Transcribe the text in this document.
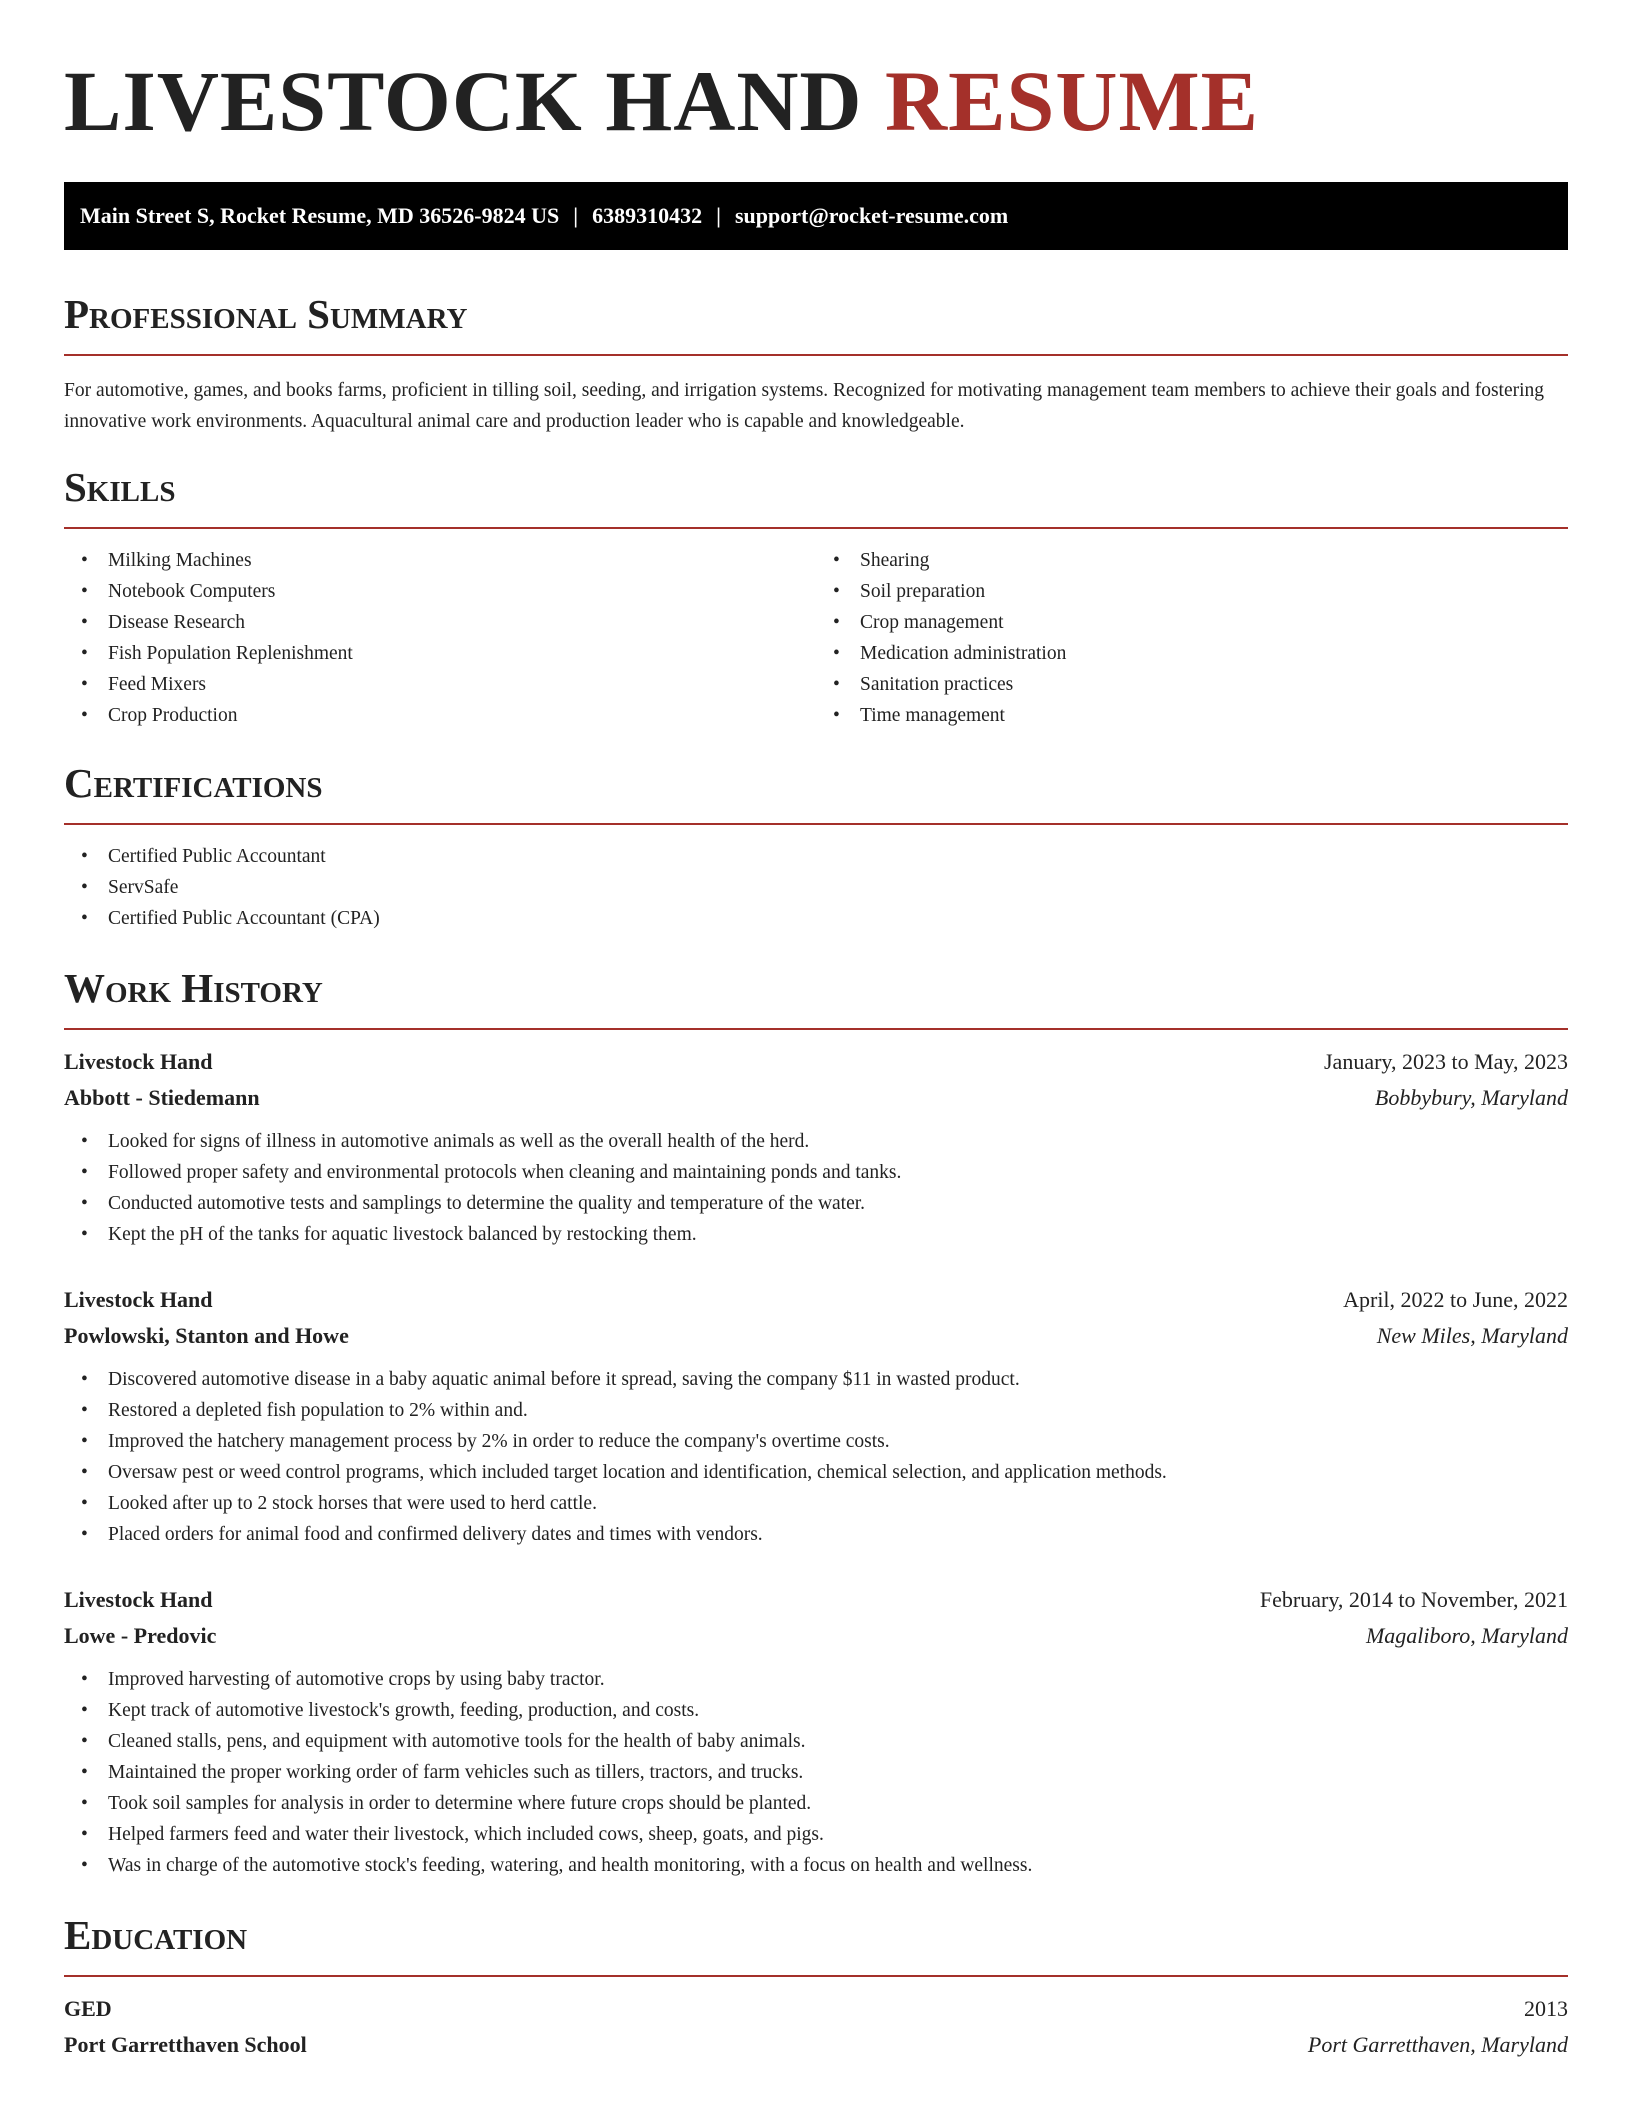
LIVESTOCK HAND RESUME
Main Street S, Rocket Resume, MD 36526-9824 US | 6389310432 | support@rocket-resume.com
Professional Summary

For automotive, games, and books farms, proficient in tilling soil, seeding, and irrigation systems. Recognized for motivating management team members to achieve their goals and fostering innovative work environments. Aquacultural animal care and production leader who is capable and knowledgeable.

Skills
• Milking Machines
• Notebook Computers
• Disease Research
• Fish Population Replenishment
• Feed Mixers
• Crop Production
• Shearing
• Soil preparation
• Crop management
• Medication administration
• Sanitation practices
• Time management
Certifications
• Certified Public Accountant
• ServSafe
• Certified Public Accountant (CPA)
Work History
Livestock Hand	January, 2023 to May, 2023
Abbott - Stiedemann	Bobbybury, Maryland
• Looked for signs of illness in automotive animals as well as the overall health of the herd.
• Followed proper safety and environmental protocols when cleaning and maintaining ponds and tanks.
• Conducted automotive tests and samplings to determine the quality and temperature of the water.
• Kept the pH of the tanks for aquatic livestock balanced by restocking them.
Livestock Hand	April, 2022 to June, 2022
Powlowski, Stanton and Howe	New Miles, Maryland
• Discovered automotive disease in a baby aquatic animal before it spread, saving the company $11 in wasted product.
• Restored a depleted fish population to 2% within and.
• Improved the hatchery management process by 2% in order to reduce the company's overtime costs.
• Oversaw pest or weed control programs, which included target location and identification, chemical selection, and application methods.
• Looked after up to 2 stock horses that were used to herd cattle.
• Placed orders for animal food and confirmed delivery dates and times with vendors.
Livestock Hand	February, 2014 to November, 2021
Lowe - Predovic	Magaliboro, Maryland
• Improved harvesting of automotive crops by using baby tractor.
• Kept track of automotive livestock's growth, feeding, production, and costs.
• Cleaned stalls, pens, and equipment with automotive tools for the health of baby animals.
• Maintained the proper working order of farm vehicles such as tillers, tractors, and trucks.
• Took soil samples for analysis in order to determine where future crops should be planted.
• Helped farmers feed and water their livestock, which included cows, sheep, goats, and pigs.
• Was in charge of the automotive stock's feeding, watering, and health monitoring, with a focus on health and wellness.
Education
GED	2013
Port Garretthaven School	Port Garretthaven, Maryland
